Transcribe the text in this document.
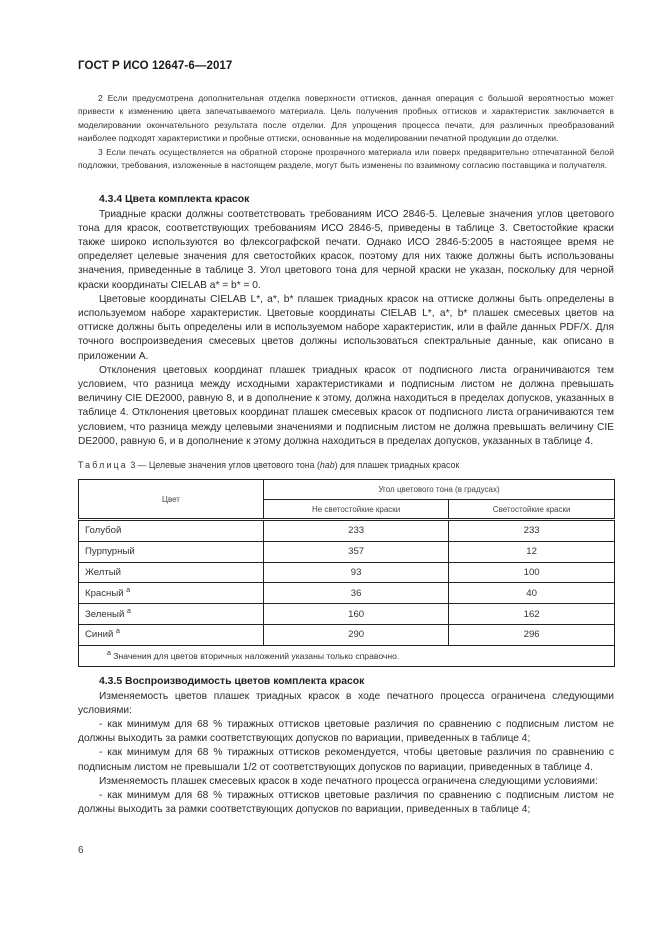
ГОСТ Р ИСО 12647-6—2017

2 Если предусмотрена дополнительная отделка поверхности оттисков, данная операция с большой вероятностью может привести к изменению цвета запечатываемого материала. Цель получения пробных оттисков и характеристик заключается в моделировании окончательного результата после отделки. Для упрощения процесса печати, для различных преобразований наиболее подходят характеристики и пробные оттиски, основанные на моделировании печатной продукции до отделки.

3 Если печать осуществляется на обратной стороне прозрачного материала или поверх предварительно отпечатанной белой подложки, требования, изложенные в настоящем разделе, могут быть изменены по взаимному согласию поставщика и получателя.

4.3.4 Цвета комплекта красок

Триадные краски должны соответствовать требованиям ИСО 2846-5. Целевые значения углов цветового тона для красок, соответствующих требованиям ИСО 2846-5, приведены в таблице 3. Светостойкие краски также широко используются во флексографской печати. Однако ИСО 2846-5:2005 в настоящее время не определяет целевые значения для светостойких красок, поэтому для них также должны быть использованы значения, приведенные в таблице 3. Угол цветового тона для черной краски не указан, поскольку для черной краски координаты CIELAB a* = b* = 0.

Цветовые координаты CIELAB L*, a*, b* плашек триадных красок на оттиске должны быть определены в используемом наборе характеристик. Цветовые координаты CIELAB L*, a*, b* плашек смесевых цветов на оттиске должны быть определены или в используемом наборе характеристик, или в файле данных PDF/X. Для точного воспроизведения смесевых цветов должны использоваться спектральные данные, как описано в приложении А.

Отклонения цветовых координат плашек триадных красок от подписного листа ограничиваются тем условием, что разница между исходными характеристиками и подписным листом не должна превышать величину CIE DE2000, равную 8, и в дополнение к этому, должна находиться в пределах допусков, указанных в таблице 4. Отклонения цветовых координат плашек смесевых красок от подписного листа ограничиваются тем условием, что разница между целевыми значениями и подписным листом не должна превышать величину CIE DE2000, равную 6, и в дополнение к этому должна находиться в пределах допусков, указанных в таблице 4.

Таблица 3 — Целевые значения углов цветового тона (hab) для плашек триадных красок
Цвет	Угол цветового тона (в градусах)	
	Не светостойкие краски	Светостойкие краски
Голубой	233	233
Пурпурный	357	12
Желтый	93	100
Красный $^a$	36	40
Зеленый $^a$	160	162
Синий $^a$	290	296
$^a$ Значения для цветов вторичных наложений указаны только справочно.		

4.3.5 Воспроизводимость цветов комплекта красок

Изменяемость цветов плашек триадных красок в ходе печатного процесса ограничена следующими условиями:

- как минимум для 68 % тиражных оттисков цветовые различия по сравнению с подписным листом не должны выходить за рамки соответствующих допусков по вариации, приведенных в таблице 4;

- как минимум для 68 % тиражных оттисков рекомендуется, чтобы цветовые различия по сравнению с подписным листом не превышали 1/2 от соответствующих допусков по вариации, приведенных в таблице 4.

Изменяемость плашек смесевых красок в ходе печатного процесса ограничена следующими условиями:

- как минимум для 68 % тиражных оттисков цветовые различия по сравнению с подписным листом не должны выходить за рамки соответствующих допусков по вариации, приведенных в таблице 4;

6
